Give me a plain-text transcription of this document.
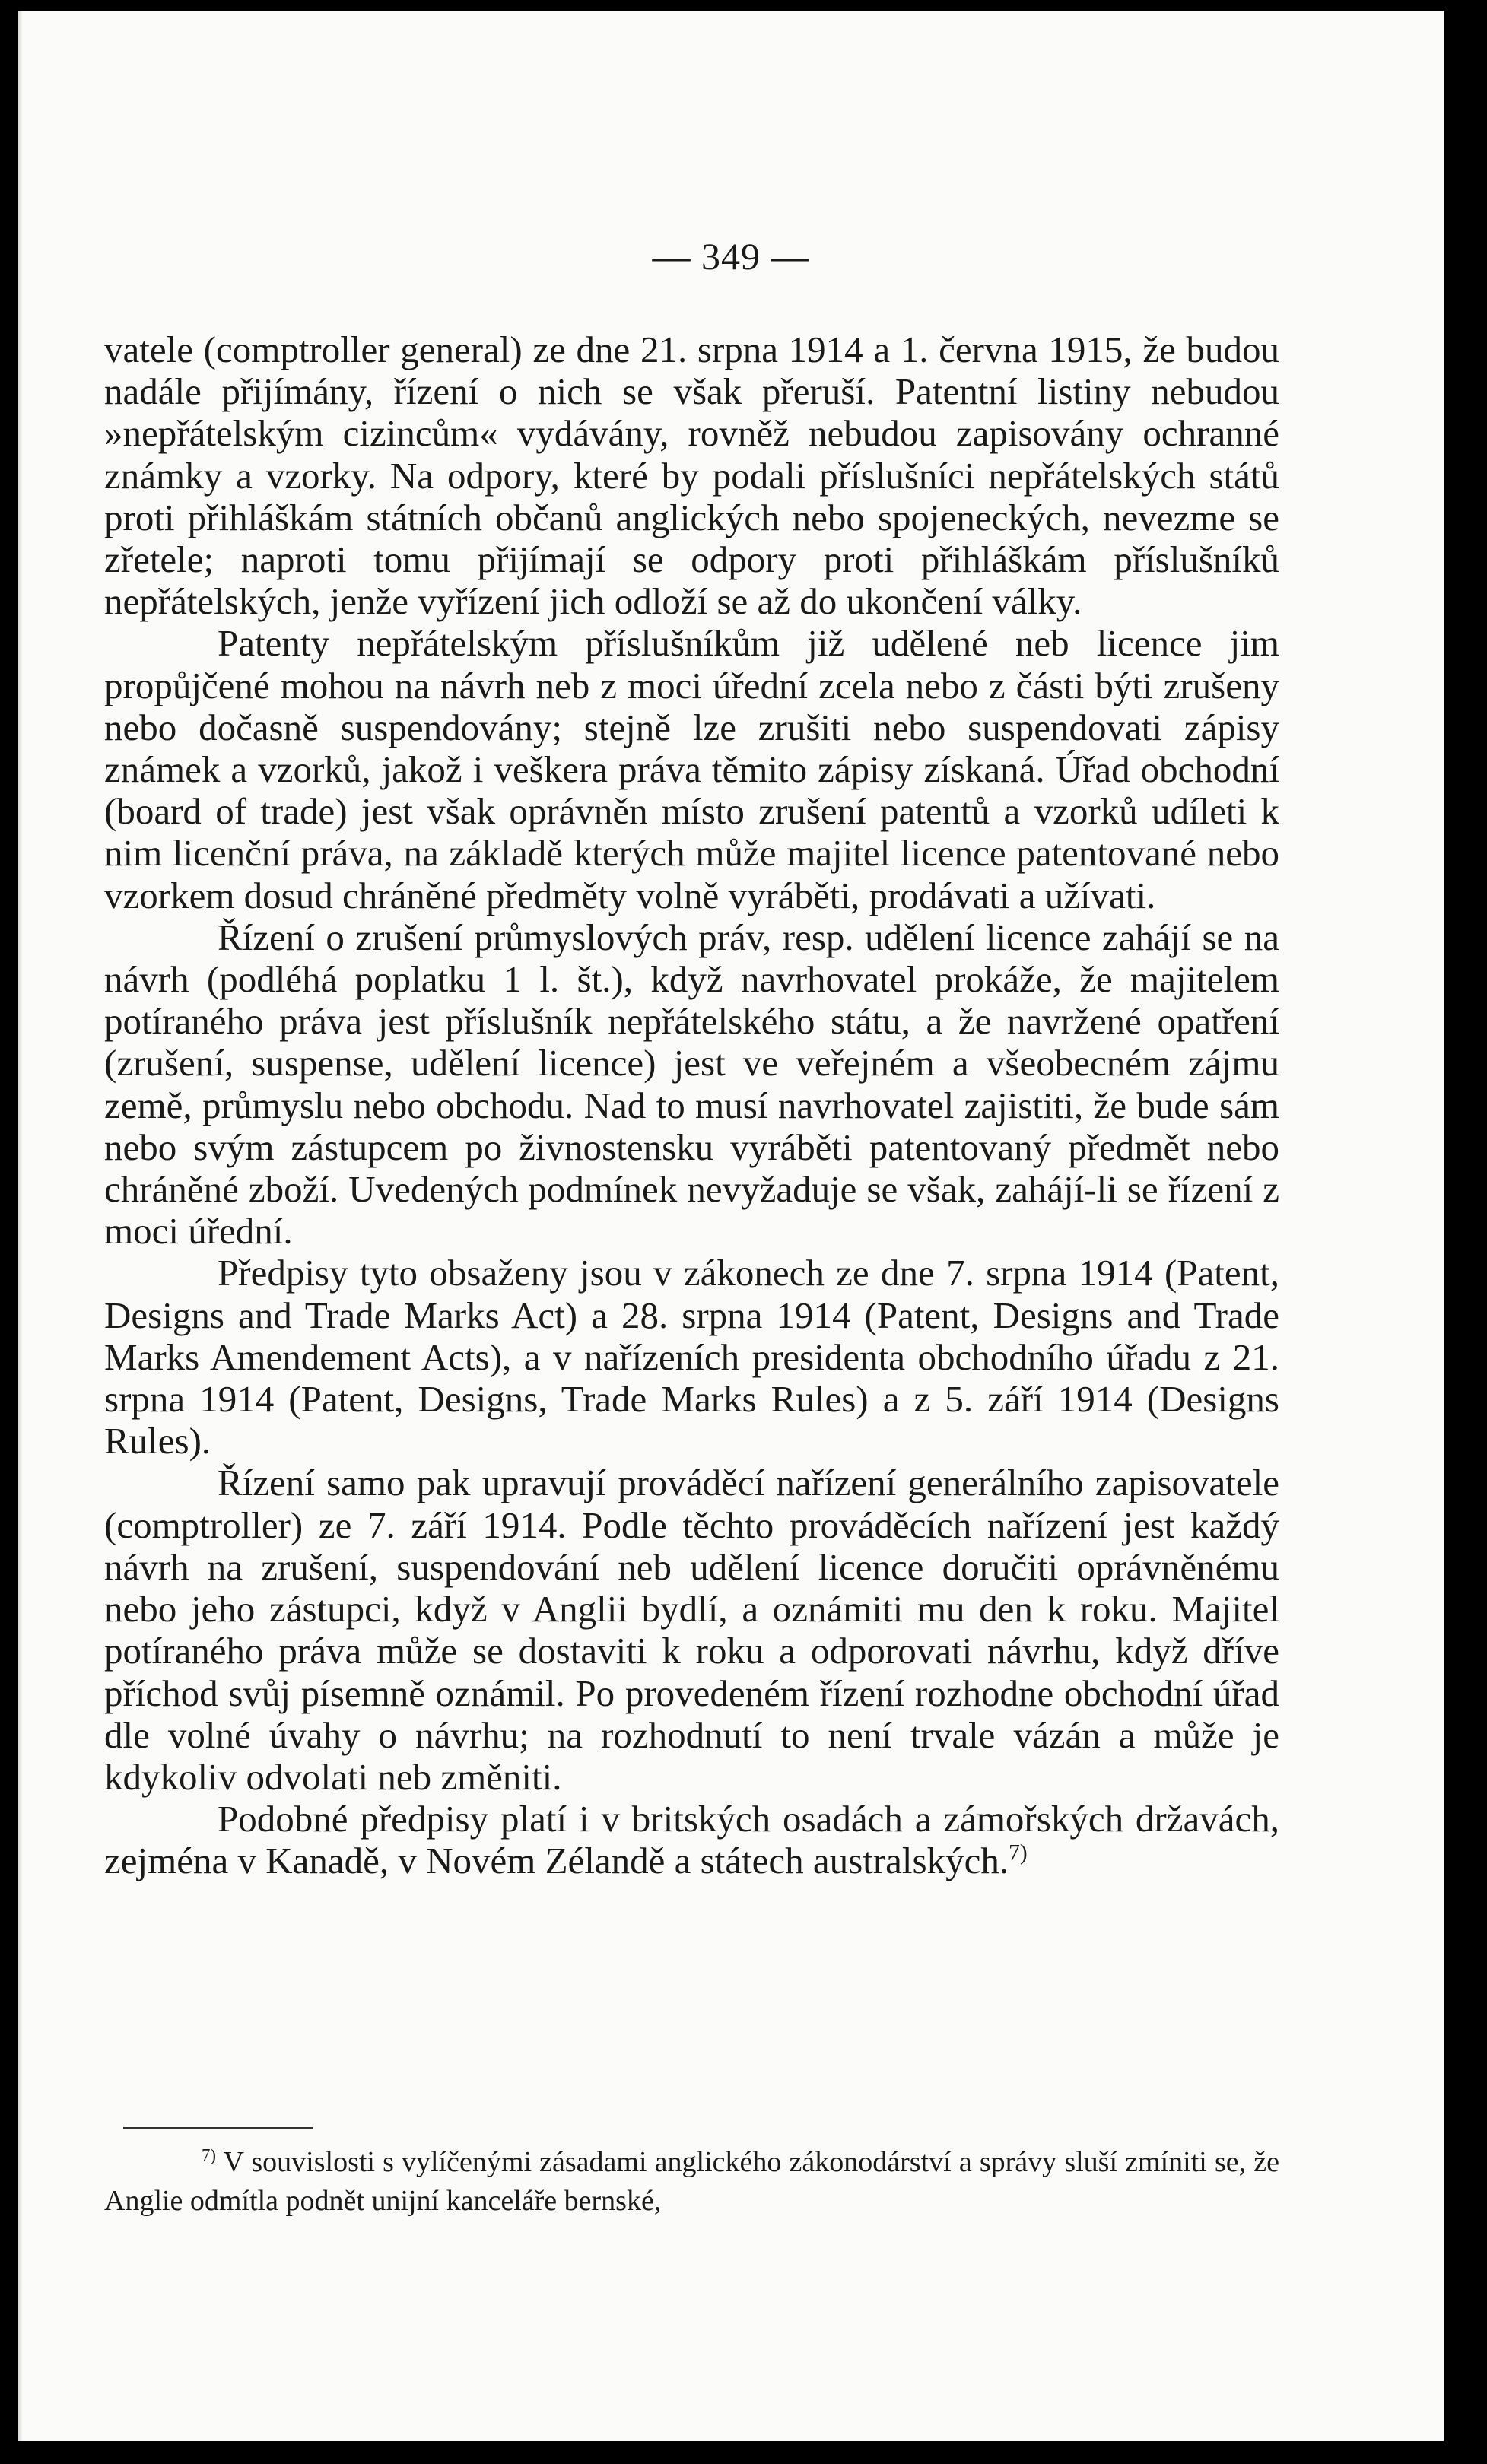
— 349 —

vatele (comptroller general) ze dne 21. srpna 1914 a 1. června 1915, že budou nadále přijímány, řízení o nich se však přeruší. Patentní listiny nebudou »nepřátelským cizincům« vydávány, rovněž nebudou zapisovány ochranné známky a vzorky. Na odpory, které by podali příslušníci nepřátelských států proti přihláškám státních občanů anglických nebo spojeneckých, nevezme se zřetele; naproti tomu přijímají se odpory proti přihláškám příslušníků nepřátelských, jenže vyřízení jich odloží se až do ukončení války.

Patenty nepřátelským příslušníkům již udělené neb licence jim propůjčené mohou na návrh neb z moci úřední zcela nebo z části býti zrušeny nebo dočasně suspendovány; stejně lze zrušiti nebo suspendovati zápisy známek a vzorků, jakož i veškera práva těmito zápisy získaná. Úřad obchodní (board of trade) jest však oprávněn místo zrušení patentů a vzorků udíleti k nim licenční práva, na základě kterých může majitel licence patentované nebo vzorkem dosud chráněné předměty volně vyráběti, prodávati a užívati.

Řízení o zrušení průmyslových práv, resp. udělení licence zahájí se na návrh (podléhá poplatku 1 l. št.), když navrhovatel prokáže, že majitelem potíraného práva jest příslušník nepřátelského státu, a že navržené opatření (zrušení, suspense, udělení licence) jest ve veřejném a všeobecném zájmu země, průmyslu nebo obchodu. Nad to musí navrhovatel zajistiti, že bude sám nebo svým zástupcem po živnostensku vyráběti patentovaný předmět nebo chráněné zboží. Uvedených podmínek nevyžaduje se však, zahájí-li se řízení z moci úřední.

Předpisy tyto obsaženy jsou v zákonech ze dne 7. srpna 1914 (Patent, Designs and Trade Marks Act) a 28. srpna 1914 (Patent, Designs and Trade Marks Amendement Acts), a v nařízeních presidenta obchodního úřadu z 21. srpna 1914 (Patent, Designs, Trade Marks Rules) a z 5. září 1914 (Designs Rules).

Řízení samo pak upravují prováděcí nařízení generálního zapisovatele (comptroller) ze 7. září 1914. Podle těchto prováděcích nařízení jest každý návrh na zrušení, suspendování neb udělení licence doručiti oprávněnému nebo jeho zástupci, když v Anglii bydlí, a oznámiti mu den k roku. Majitel potíraného práva může se dostaviti k roku a odporovati návrhu, když dříve příchod svůj písemně oznámil. Po provedeném řízení rozhodne obchodní úřad dle volné úvahy o návrhu; na rozhodnutí to není trvale vázán a může je kdykoliv odvolati neb změniti.

Podobné předpisy platí i v britských osadách a zámořských državách, zejména v Kanadě, v Novém Zélandě a státech australských.$^{7)}$

$^{7)}$ V souvislosti s vylíčenými zásadami anglického zákonodárství a správy sluší zmíniti se, že Anglie odmítla podnět unijní kanceláře bernské,
